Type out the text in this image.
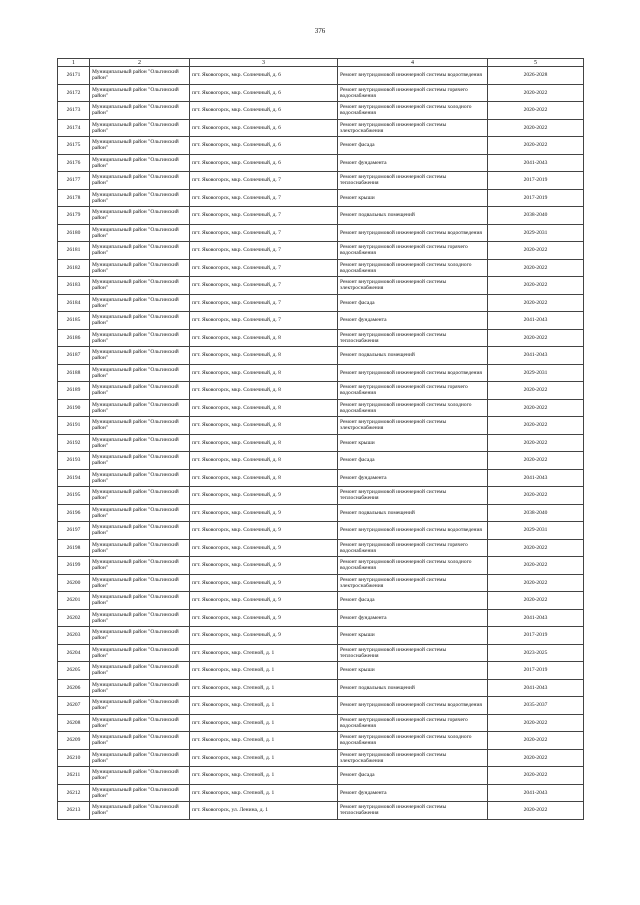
376
1	2	3	4	5
26171	Муниципальный район "Ольгинский район"	пгт. Яковогорск, мкр. Солнечный, д. 6	Ремонт внутридомовой инженерной системы водоотведения	2026-2028
26172	Муниципальный район "Ольгинский район"	пгт. Яковогорск, мкр. Солнечный, д. 6	Ремонт внутридомовой инженерной системы горячего водоснабжения	2020-2022
26173	Муниципальный район "Ольгинский район"	пгт. Яковогорск, мкр. Солнечный, д. 6	Ремонт внутридомовой инженерной системы холодного водоснабжения	2020-2022
26174	Муниципальный район "Ольгинский район"	пгт. Яковогорск, мкр. Солнечный, д. 6	Ремонт внутридомовой инженерной системы электроснабжения	2020-2022
26175	Муниципальный район "Ольгинский район"	пгт. Яковогорск, мкр. Солнечный, д. 6	Ремонт фасада	2020-2022
26176	Муниципальный район "Ольгинский район"	пгт. Яковогорск, мкр. Солнечный, д. 6	Ремонт фундамента	2041-2043
26177	Муниципальный район "Ольгинский район"	пгт. Яковогорск, мкр. Солнечный, д. 7	Ремонт внутридомовой инженерной системы теплоснабжения	2017-2019
26178	Муниципальный район "Ольгинский район"	пгт. Яковогорск, мкр. Солнечный, д. 7	Ремонт крыши	2017-2019
26179	Муниципальный район "Ольгинский район"	пгт. Яковогорск, мкр. Солнечный, д. 7	Ремонт подвальных помещений	2038-2040
26180	Муниципальный район "Ольгинский район"	пгт. Яковогорск, мкр. Солнечный, д. 7	Ремонт внутридомовой инженерной системы водоотведения	2029-2031
26181	Муниципальный район "Ольгинский район"	пгт. Яковогорск, мкр. Солнечный, д. 7	Ремонт внутридомовой инженерной системы горячего водоснабжения	2020-2022
26182	Муниципальный район "Ольгинский район"	пгт. Яковогорск, мкр. Солнечный, д. 7	Ремонт внутридомовой инженерной системы холодного водоснабжения	2020-2022
26183	Муниципальный район "Ольгинский район"	пгт. Яковогорск, мкр. Солнечный, д. 7	Ремонт внутридомовой инженерной системы электроснабжения	2020-2022
26184	Муниципальный район "Ольгинский район"	пгт. Яковогорск, мкр. Солнечный, д. 7	Ремонт фасада	2020-2022
26185	Муниципальный район "Ольгинский район"	пгт. Яковогорск, мкр. Солнечный, д. 7	Ремонт фундамента	2041-2043
26186	Муниципальный район "Ольгинский район"	пгт. Яковогорск, мкр. Солнечный, д. 8	Ремонт внутридомовой инженерной системы теплоснабжения	2020-2022
26187	Муниципальный район "Ольгинский район"	пгт. Яковогорск, мкр. Солнечный, д. 8	Ремонт подвальных помещений	2041-2043
26188	Муниципальный район "Ольгинский район"	пгт. Яковогорск, мкр. Солнечный, д. 8	Ремонт внутридомовой инженерной системы водоотведения	2029-2031
26189	Муниципальный район "Ольгинский район"	пгт. Яковогорск, мкр. Солнечный, д. 8	Ремонт внутридомовой инженерной системы горячего водоснабжения	2020-2022
26190	Муниципальный район "Ольгинский район"	пгт. Яковогорск, мкр. Солнечный, д. 8	Ремонт внутридомовой инженерной системы холодного водоснабжения	2020-2022
26191	Муниципальный район "Ольгинский район"	пгт. Яковогорск, мкр. Солнечный, д. 8	Ремонт внутридомовой инженерной системы электроснабжения	2020-2022
26192	Муниципальный район "Ольгинский район"	пгт. Яковогорск, мкр. Солнечный, д. 8	Ремонт крыши	2020-2022
26193	Муниципальный район "Ольгинский район"	пгт. Яковогорск, мкр. Солнечный, д. 8	Ремонт фасада	2020-2022
26194	Муниципальный район "Ольгинский район"	пгт. Яковогорск, мкр. Солнечный, д. 8	Ремонт фундамента	2041-2043
26195	Муниципальный район "Ольгинский район"	пгт. Яковогорск, мкр. Солнечный, д. 9	Ремонт внутридомовой инженерной системы теплоснабжения	2020-2022
26196	Муниципальный район "Ольгинский район"	пгт. Яковогорск, мкр. Солнечный, д. 9	Ремонт подвальных помещений	2038-2040
26197	Муниципальный район "Ольгинский район"	пгт. Яковогорск, мкр. Солнечный, д. 9	Ремонт внутридомовой инженерной системы водоотведения	2029-2031
26198	Муниципальный район "Ольгинский район"	пгт. Яковогорск, мкр. Солнечный, д. 9	Ремонт внутридомовой инженерной системы горячего водоснабжения	2020-2022
26199	Муниципальный район "Ольгинский район"	пгт. Яковогорск, мкр. Солнечный, д. 9	Ремонт внутридомовой инженерной системы холодного водоснабжения	2020-2022
26200	Муниципальный район "Ольгинский район"	пгт. Яковогорск, мкр. Солнечный, д. 9	Ремонт внутридомовой инженерной системы электроснабжения	2020-2022
26201	Муниципальный район "Ольгинский район"	пгт. Яковогорск, мкр. Солнечный, д. 9	Ремонт фасада	2020-2022
26202	Муниципальный район "Ольгинский район"	пгт. Яковогорск, мкр. Солнечный, д. 9	Ремонт фундамента	2041-2043
26203	Муниципальный район "Ольгинский район"	пгт. Яковогорск, мкр. Солнечный, д. 9	Ремонт крыши	2017-2019
26204	Муниципальный район "Ольгинский район"	пгт. Яковогорск, мкр. Степной, д. 1	Ремонт внутридомовой инженерной системы теплоснабжения	2023-2025
26205	Муниципальный район "Ольгинский район"	пгт. Яковогорск, мкр. Степной, д. 1	Ремонт крыши	2017-2019
26206	Муниципальный район "Ольгинский район"	пгт. Яковогорск, мкр. Степной, д. 1	Ремонт подвальных помещений	2041-2043
26207	Муниципальный район "Ольгинский район"	пгт. Яковогорск, мкр. Степной, д. 1	Ремонт внутридомовой инженерной системы водоотведения	2035-2037
26208	Муниципальный район "Ольгинский район"	пгт. Яковогорск, мкр. Степной, д. 1	Ремонт внутридомовой инженерной системы горячего водоснабжения	2020-2022
26209	Муниципальный район "Ольгинский район"	пгт. Яковогорск, мкр. Степной, д. 1	Ремонт внутридомовой инженерной системы холодного водоснабжения	2020-2022
26210	Муниципальный район "Ольгинский район"	пгт. Яковогорск, мкр. Степной, д. 1	Ремонт внутридомовой инженерной системы электроснабжения	2020-2022
26211	Муниципальный район "Ольгинский район"	пгт. Яковогорск, мкр. Степной, д. 1	Ремонт фасада	2020-2022
26212	Муниципальный район "Ольгинский район"	пгт. Яковогорск, мкр. Степной, д. 1	Ремонт фундамента	2041-2043
26213	Муниципальный район "Ольгинский район"	пгт. Яковогорск, ул. Ленина, д. 1	Ремонт внутридомовой инженерной системы теплоснабжения	2020-2022
